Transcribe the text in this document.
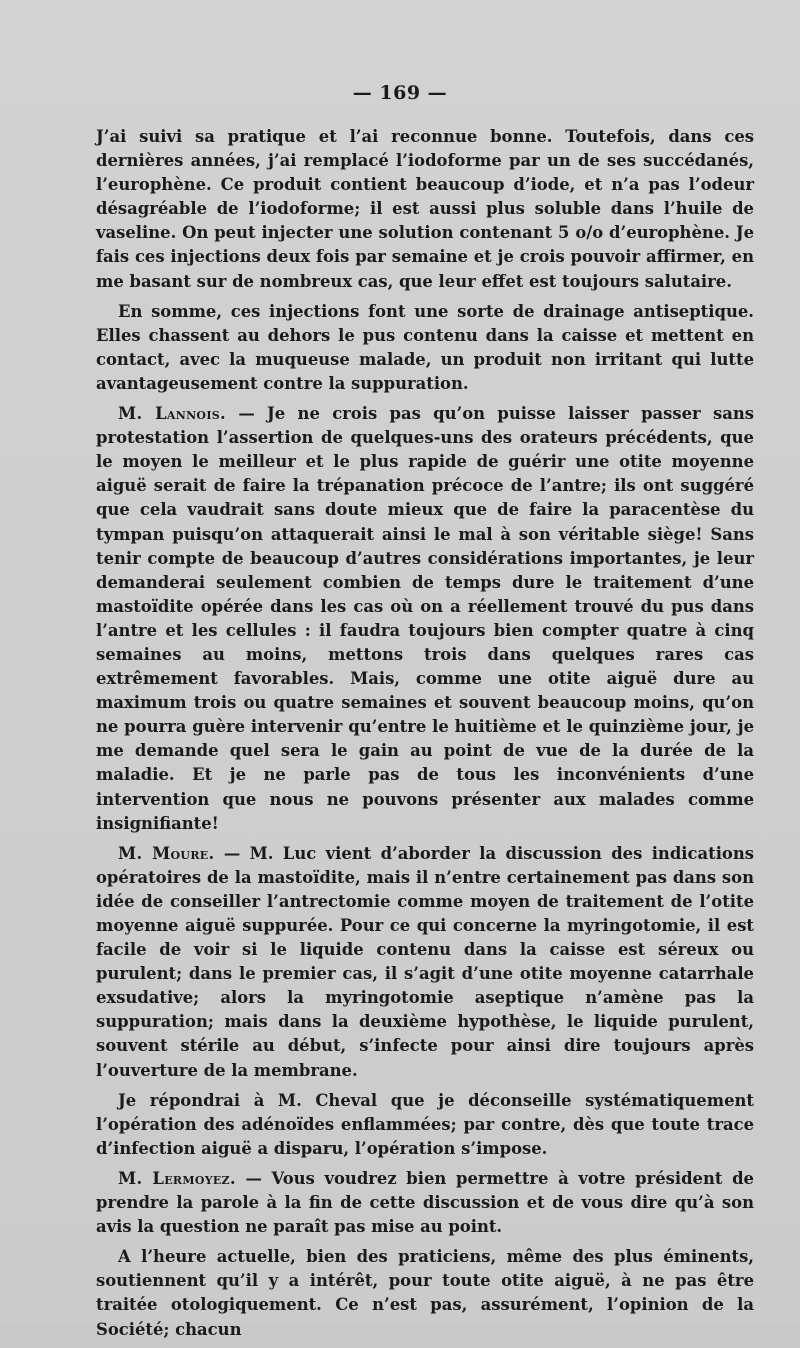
— 169 —

J’ai suivi sa pratique et l’ai reconnue bonne. Toutefois, dans ces dernières années, j’ai remplacé l’iodoforme par un de ses succédanés, l’europhène. Ce produit contient beaucoup d’iode, et n’a pas l’odeur désagréable de l’iodoforme; il est aussi plus soluble dans l’huile de vaseline. On peut injecter une solution contenant 5 o/o d’europhène. Je fais ces injections deux fois par semaine et je crois pouvoir affirmer, en me basant sur de nombreux cas, que leur effet est toujours salutaire.

En somme, ces injections font une sorte de drainage antiseptique. Elles chassent au dehors le pus contenu dans la caisse et mettent en contact, avec la muqueuse malade, un produit non irritant qui lutte avantageusement contre la suppuration.

M. Lannois. — Je ne crois pas qu’on puisse laisser passer sans protestation l’assertion de quelques-uns des orateurs précédents, que le moyen le meilleur et le plus rapide de guérir une otite moyenne aiguë serait de faire la trépanation précoce de l’antre; ils ont suggéré que cela vaudrait sans doute mieux que de faire la paracentèse du tympan puisqu’on attaquerait ainsi le mal à son véritable siège! Sans tenir compte de beaucoup d’autres considérations importantes, je leur demanderai seulement combien de temps dure le traitement d’une mastoïdite opérée dans les cas où on a réellement trouvé du pus dans l’antre et les cellules : il faudra toujours bien compter quatre à cinq semaines au moins, mettons trois dans quelques rares cas extrêmement favorables. Mais, comme une otite aiguë dure au maximum trois ou quatre semaines et souvent beaucoup moins, qu’on ne pourra guère intervenir qu’entre le huitième et le quinzième jour, je me demande quel sera le gain au point de vue de la durée de la maladie. Et je ne parle pas de tous les inconvénients d’une intervention que nous ne pouvons présenter aux malades comme insignifiante!

M. Moure. — M. Luc vient d’aborder la discussion des indications opératoires de la mastoïdite, mais il n’entre certainement pas dans son idée de conseiller l’antrectomie comme moyen de traitement de l’otite moyenne aiguë suppurée. Pour ce qui concerne la myringotomie, il est facile de voir si le liquide contenu dans la caisse est séreux ou purulent; dans le premier cas, il s’agit d’une otite moyenne catarrhale exsudative; alors la myringotomie aseptique n’amène pas la suppuration; mais dans la deuxième hypothèse, le liquide purulent, souvent stérile au début, s’infecte pour ainsi dire toujours après l’ouverture de la membrane.

Je répondrai à M. Cheval que je déconseille systématiquement l’opération des adénoïdes enflammées; par contre, dès que toute trace d’infection aiguë a disparu, l’opération s’impose.

M. Lermoyez. — Vous voudrez bien permettre à votre président de prendre la parole à la fin de cette discussion et de vous dire qu’à son avis la question ne paraît pas mise au point.

A l’heure actuelle, bien des praticiens, même des plus éminents, soutiennent qu’il y a intérêt, pour toute otite aiguë, à ne pas être traitée otologiquement. Ce n’est pas, assurément, l’opinion de la Société; chacun
